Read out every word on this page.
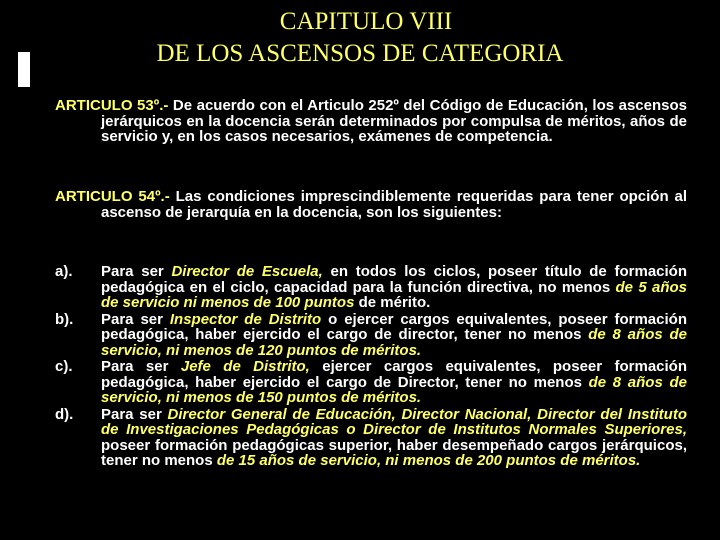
CAPITULO VIII
DE LOS ASCENSOS DE CATEGORIA

ARTICULO 53º.- De acuerdo con el Articulo 252º del Código de Educación, los ascensos jerárquicos en la docencia serán determinados por compulsa de méritos, años de servicio y, en los casos necesarios, exámenes de competencia.

ARTICULO 54º.- Las condiciones imprescindiblemente requeridas para tener opción al ascenso de jerarquía en la docencia, son los siguientes:

a). Para ser Director de Escuela, en todos los ciclos, poseer título de formación pedagógica en el ciclo, capacidad para la función directiva, no menos de 5 años de servicio ni menos de 100 puntos de mérito.
b). Para ser Inspector de Distrito o ejercer cargos equivalentes, poseer formación pedagógica, haber ejercido el cargo de director, tener no menos de 8 años de servicio, ni menos de 120 puntos de méritos.
c). Para ser Jefe de Distrito, ejercer cargos equivalentes, poseer formación pedagógica, haber ejercido el cargo de Director, tener no menos de 8 años de servicio, ni menos de 150 puntos de méritos.
d). Para ser Director General de Educación, Director Nacional, Director del Instituto de Investigaciones Pedagógicas o Director de Institutos Normales Superiores, poseer formación pedagógicas superior, haber desempeñado cargos jerárquicos, tener no menos de 15 años de servicio, ni menos de 200 puntos de méritos.
